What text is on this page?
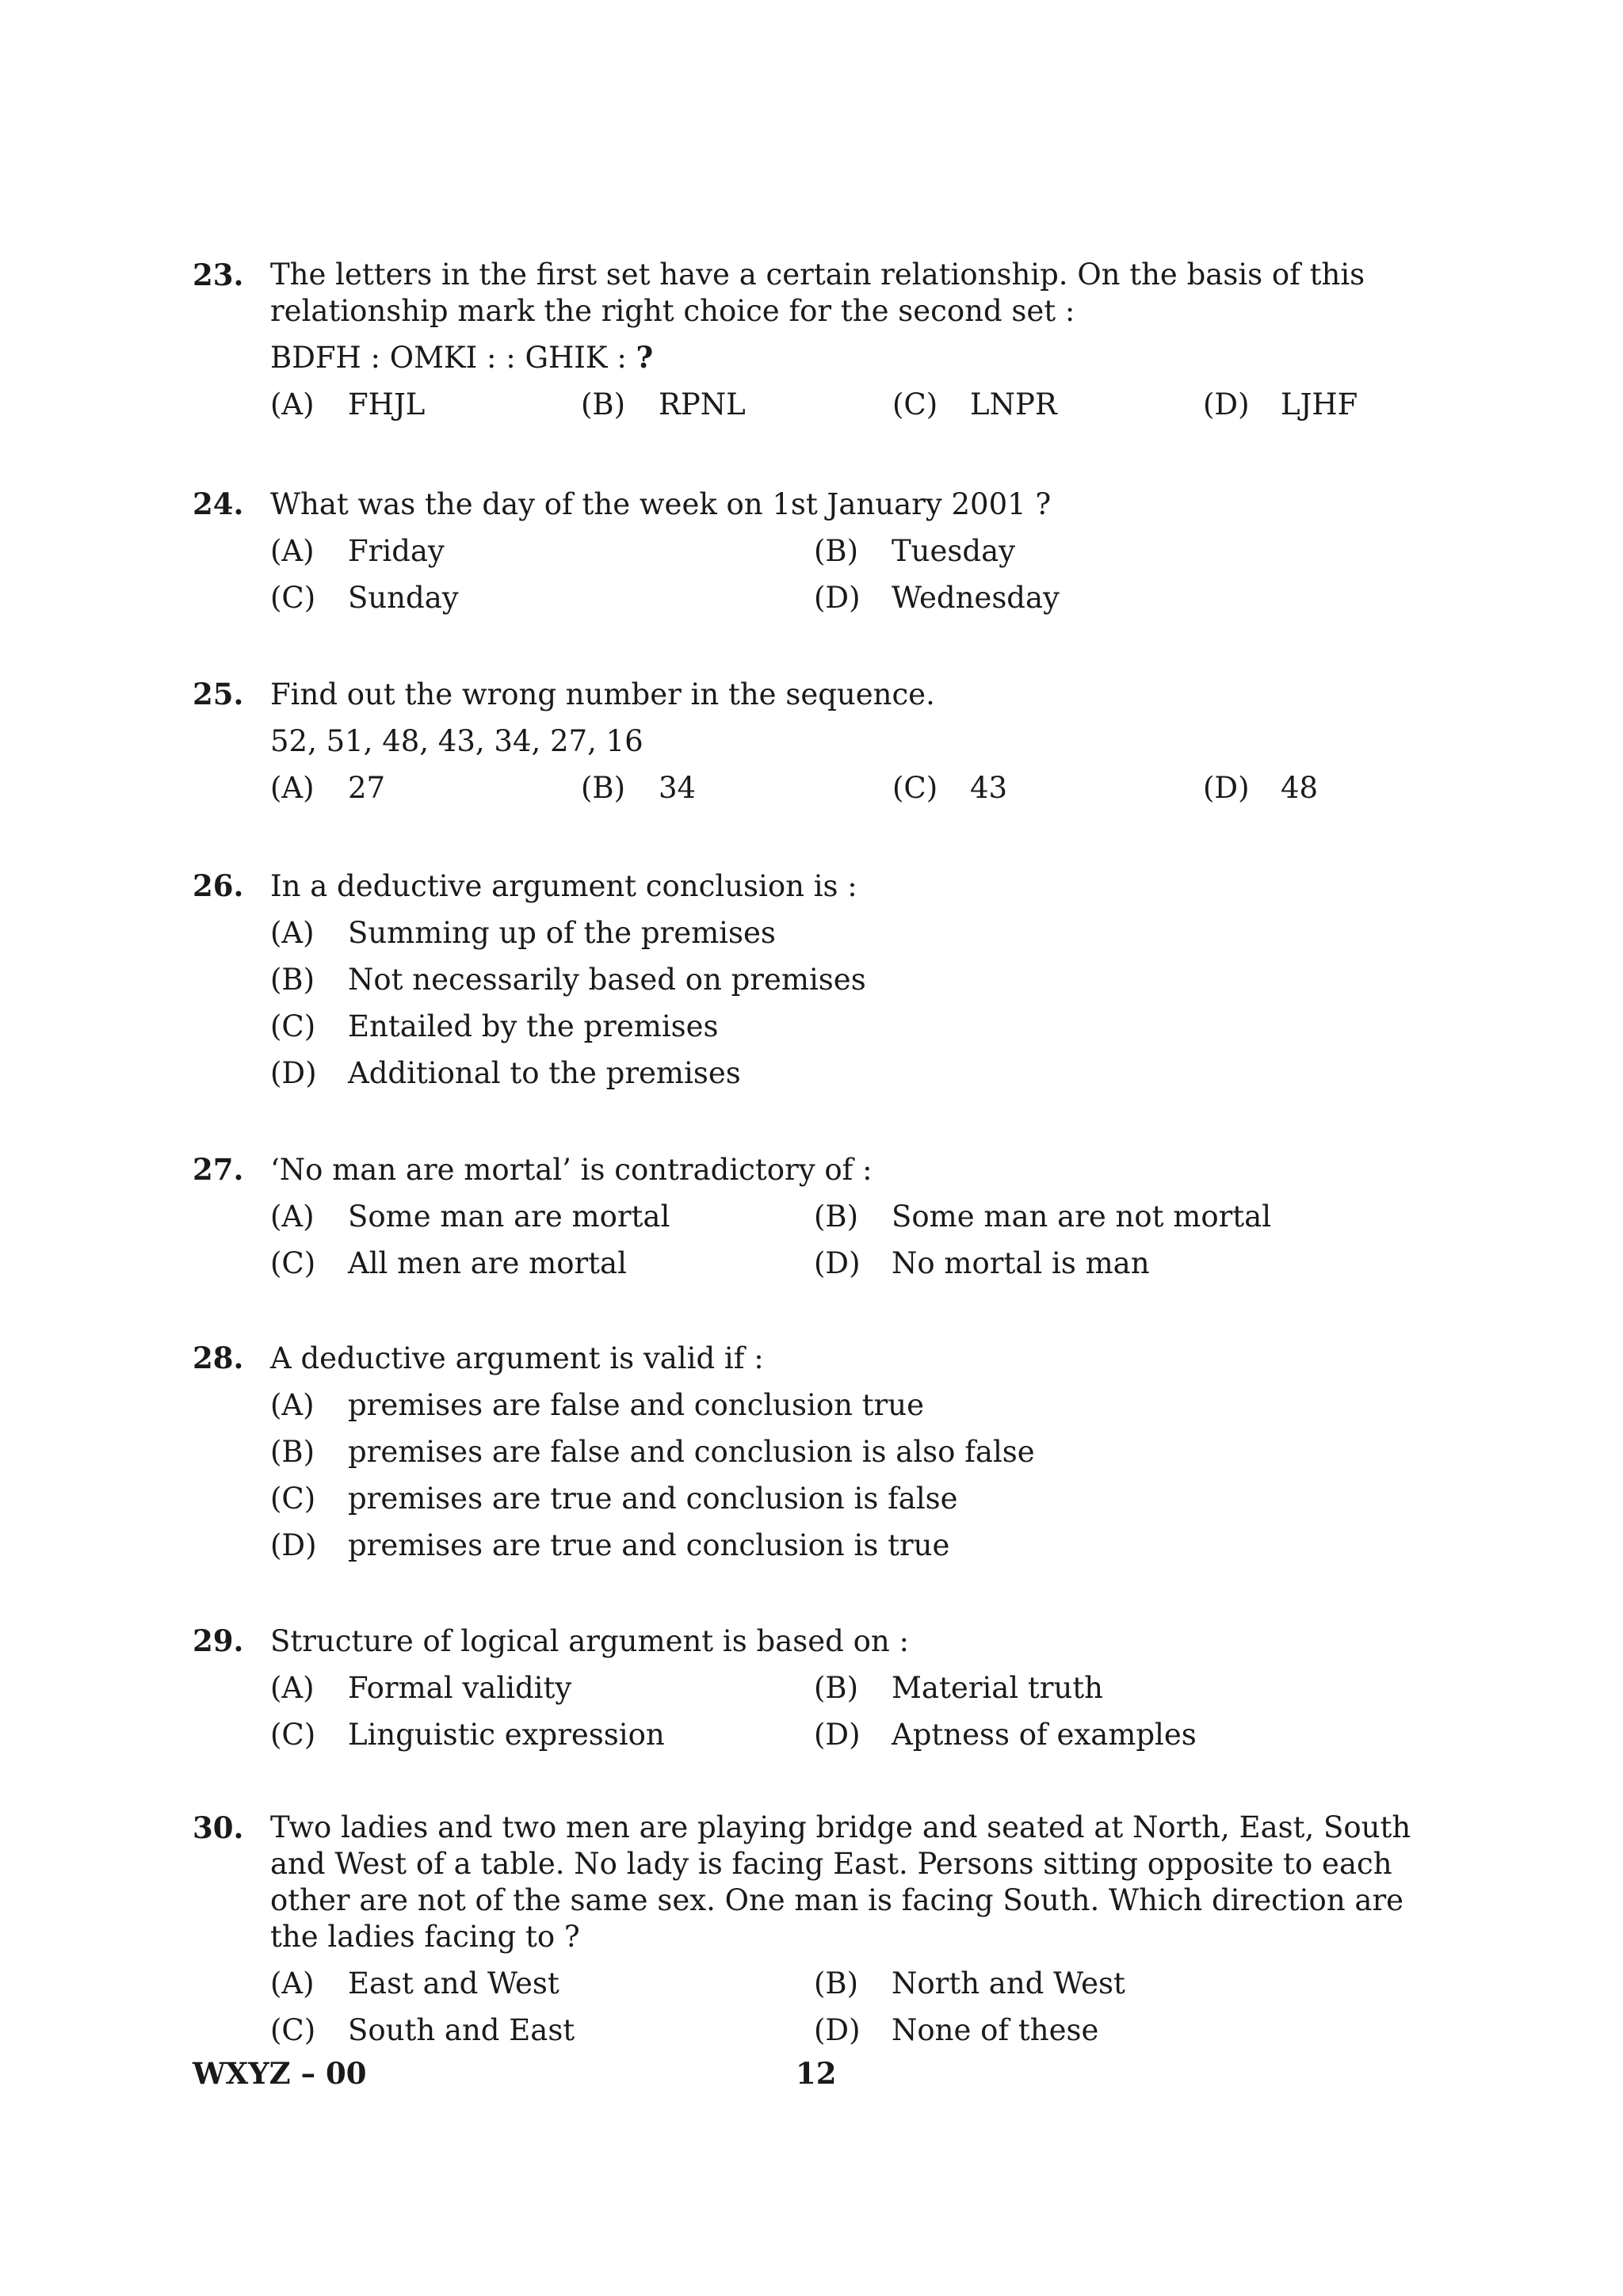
23. The letters in the first set have a certain relationship. On the basis of this relationship mark the right choice for the second set :
BDFH : OMKI : : GHIK : ?
(A) FHJL	(B) RPNL	(C) LNPR	(D) LJHF
24. What was the day of the week on 1st January 2001 ?
(A) Friday	(B) Tuesday
(C) Sunday	(D) Wednesday
25. Find out the wrong number in the sequence.
52, 51, 48, 43, 34, 27, 16
(A) 27	(B) 34	(C) 43	(D) 48
26. In a deductive argument conclusion is :
(A) Summing up of the premises
(B) Not necessarily based on premises
(C) Entailed by the premises
(D) Additional to the premises
27. ‘No man are mortal’ is contradictory of :
(A) Some man are mortal	(B) Some man are not mortal
(C) All men are mortal	(D) No mortal is man
28. A deductive argument is valid if :
(A) premises are false and conclusion true
(B) premises are false and conclusion is also false
(C) premises are true and conclusion is false
(D) premises are true and conclusion is true
29. Structure of logical argument is based on :
(A) Formal validity	(B) Material truth
(C) Linguistic expression	(D) Aptness of examples
30. Two ladies and two men are playing bridge and seated at North, East, South and West of a table. No lady is facing East. Persons sitting opposite to each other are not of the same sex. One man is facing South. Which direction are the ladies facing to ?
(A) East and West	(B) North and West
(C) South and East	(D) None of these
WXYZ – 00	12
